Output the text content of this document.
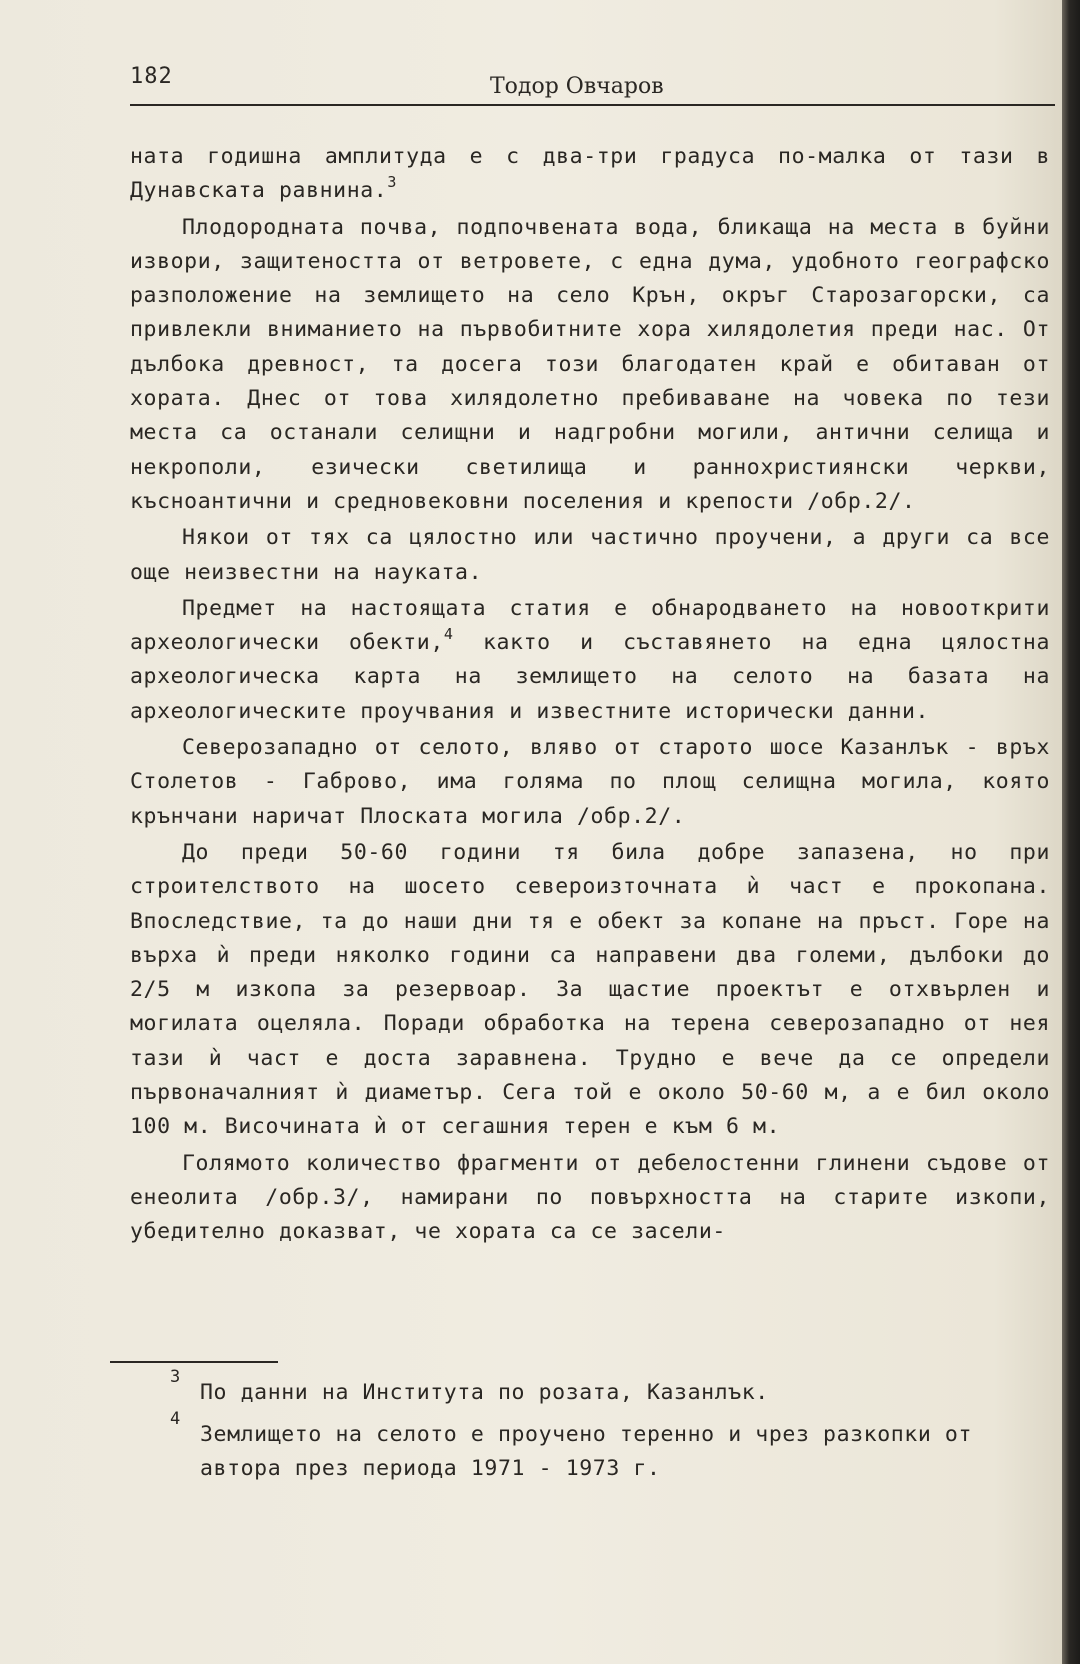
182	Тодор Овчаров

ната годишна амплитуда е с два-три градуса по-малка от тази в Дунавската равнина.$^3$

Плодородната почва, подпочвената вода, бликаща на места в буйни извори, защитеността от ветровете, с една дума, удобното географско разположение на землището на село Крън, окръг Старозагорски, са привлекли вниманието на първобитните хора хилядолетия преди нас. От дълбока древност, та досега този благодатен край е обитаван от хората. Днес от това хилядолетно пребиваване на човека по тези места са останали селищни и надгробни могили, антични селища и некрополи, езически светилища и раннохристиянски черкви, късноантични и средновековни поселения и крепости /обр.2/.

Някои от тях са цялостно или частично проучени, а други са все още неизвестни на науката.

Предмет на настоящата статия е обнародването на новооткрити археологически обекти,$^4$ както и съставянето на една цялостна археологическа карта на землището на селото на базата на археологическите проучвания и известните исторически данни.

Северозападно от селото, вляво от старото шосе Казанлък - връх Столетов - Габрово, има голяма по площ селищна могила, която крънчани наричат Плоската могила /обр.2/.

До преди 50-60 години тя била добре запазена, но при строителството на шосето североизточната ѝ част е прокопана. Впоследствие, та до наши дни тя е обект за копане на пръст. Горе на върха ѝ преди няколко години са направени два големи, дълбоки до 2/5 м изкопа за резервоар. За щастие проектът е отхвърлен и могилата оцеляла. Поради обработка на терена северозападно от нея тази ѝ част е доста заравнена. Трудно е вече да се определи първоначалният ѝ диаметър. Сега той е около 50-60 м, а е бил около 100 м. Височината ѝ от сегашния терен е към 6 м.

Голямото количество фрагменти от дебелостенни глинени съдове от енеолита /обр.3/, намирани по повърхността на старите изкопи, убедително доказват, че хората са се засели-

3
По данни на Института по розата, Казанлък.
4
Землището на селото е проучено теренно и чрез разкопки от автора през периода 1971 - 1973 г.
